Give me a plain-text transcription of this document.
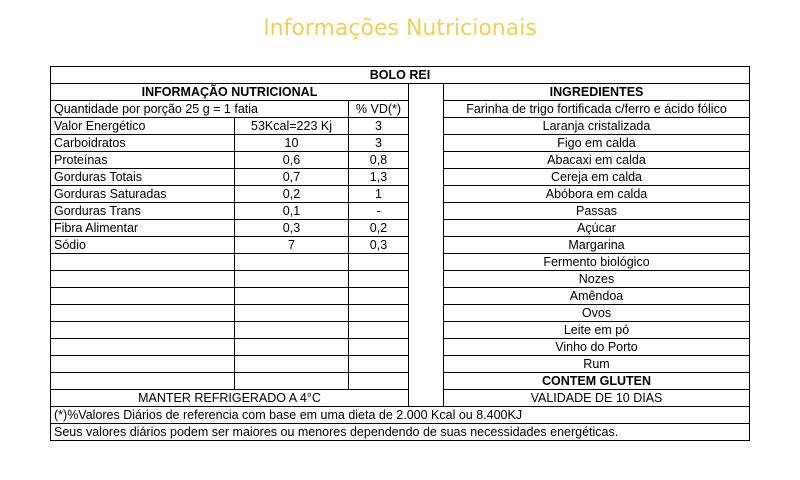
Informações Nutricionais
BOLO REI				
INFORMAÇÃO NUTRICIONAL				INGREDIENTES
Quantidade por porção 25 g = 1 fatia		% VD(*)		Farinha de trigo fortificada c/ferro e ácido fólico
Valor Energético	53Kcal=223 Kj	3		Laranja cristalizada
Carboidratos	10	3		Figo em calda
Proteínas	0,6	0,8		Abacaxi em calda
Gorduras Totais	0,7	1,3		Cereja em calda
Gorduras Saturadas	0,2	1		Abóbora em calda
Gorduras Trans	0,1	-		Passas
Fibra Alimentar	0,3	0,2		Açúcar
Sódio	7	0,3		Margarina
				Fermento biológico
				Nozes
				Amêndoa
				Ovos
				Leite em pó
				Vinho do Porto
				Rum
				CONTEM GLUTEN
MANTER REFRIGERADO A 4°C				VALIDADE DE 10 DIAS
(*)%Valores Diários de referencia com base em uma dieta de 2.000 Kcal ou 8.400KJ				
Seus valores diários podem ser maiores ou menores dependendo de suas necessidades energéticas.				
